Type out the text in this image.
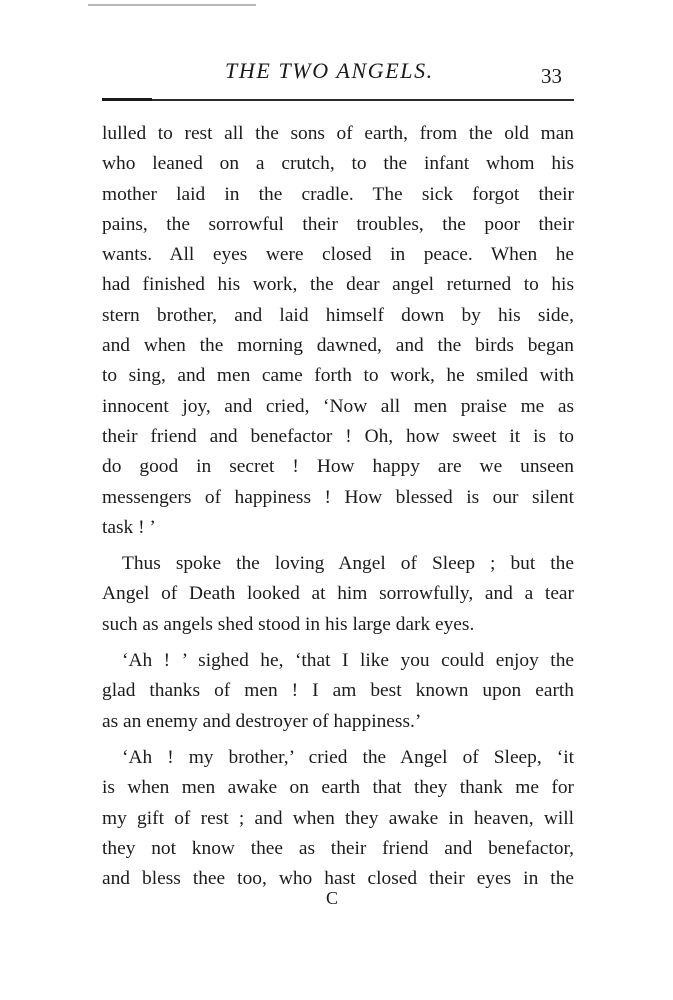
THE TWO ANGELS.	33
lulled to rest all the sons of earth, from the old man
who leaned on a crutch, to the infant whom his
mother laid in the cradle. The sick forgot their
pains, the sorrowful their troubles, the poor their
wants. All eyes were closed in peace. When he
had finished his work, the dear angel returned to his
stern brother, and laid himself down by his side,
and when the morning dawned, and the birds began
to sing, and men came forth to work, he smiled with
innocent joy, and cried, ‘Now all men praise me as
their friend and benefactor ! Oh, how sweet it is to
do good in secret ! How happy are we unseen
messengers of happiness ! How blessed is our silent
task ! ’
Thus spoke the loving Angel of Sleep ; but the
Angel of Death looked at him sorrowfully, and a tear
such as angels shed stood in his large dark eyes.
‘Ah ! ’ sighed he, ‘that I like you could enjoy the
glad thanks of men ! I am best known upon earth
as an enemy and destroyer of happiness.’
‘Ah ! my brother,’ cried the Angel of Sleep, ‘it
is when men awake on earth that they thank me for
my gift of rest ; and when they awake in heaven, will
they not know thee as their friend and benefactor,
and bless thee too, who hast closed their eyes in the
C
